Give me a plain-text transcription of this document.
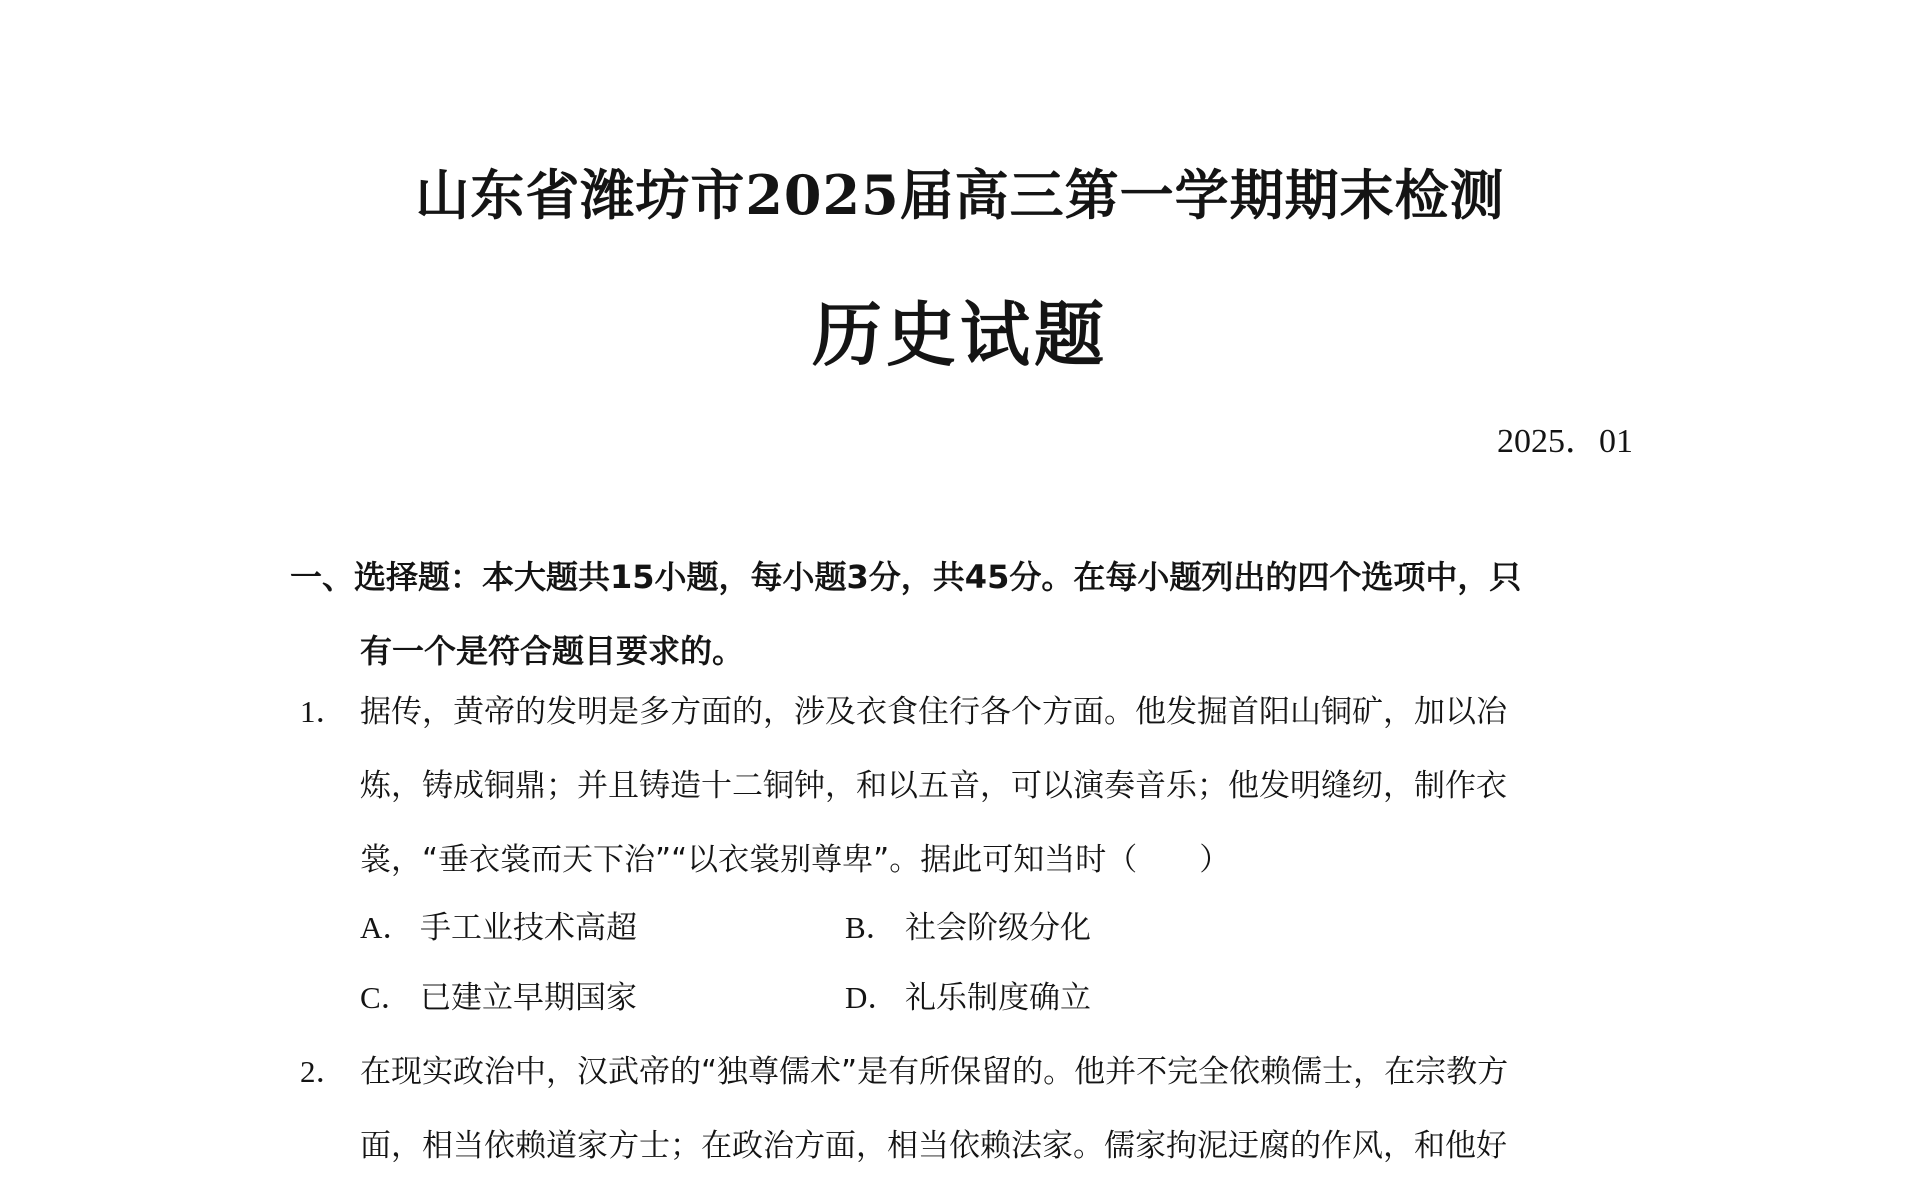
山东省潍坊市2025届高三第一学期期末检测
历史试题
2025．01
一、选择题：本大题共15小题，每小题3分，共45分。在每小题列出的四个选项中，只
有一个是符合题目要求的。
1． 据传，黄帝的发明是多方面的，涉及衣食住行各个方面。他发掘首阳山铜矿，加以冶
炼，铸成铜鼎；并且铸造十二铜钟，和以五音，可以演奏音乐；他发明缝纫，制作衣
裳，“垂衣裳而天下治”“以衣裳别尊卑”。据此可知当时（　　）
A． 手工业技术高超	B． 社会阶级分化
C． 已建立早期国家	D． 礼乐制度确立
2． 在现实政治中，汉武帝的“独尊儒术”是有所保留的。他并不完全依赖儒士，在宗教方
面，相当依赖道家方士；在政治方面，相当依赖法家。儒家拘泥迂腐的作风，和他好
